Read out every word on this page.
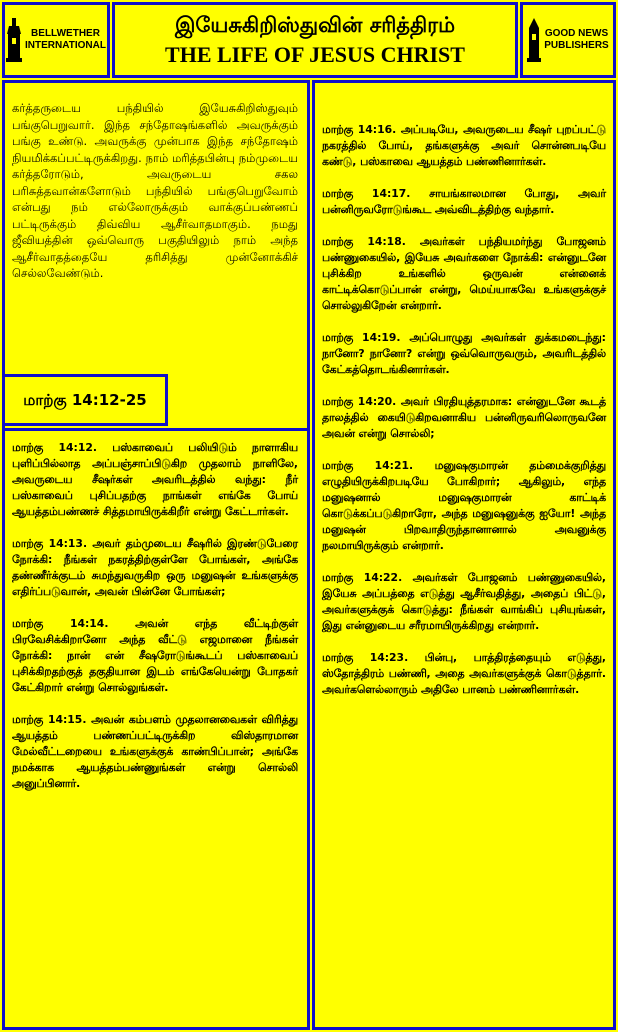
BELLWETHER
INTERNATIONAL
இயேசுகிறிஸ்துவின் சரித்திரம்
THE LIFE OF JESUS CHRIST
GOOD NEWS
PUBLISHERS
கர்த்தருடைய பந்தியில் இயேசுகிறிஸ்துவும் பங்குபெறுவார். இந்த சந்தோஷங்களில் அவருக்கும் பங்கு உண்டு. அவருக்கு முன்பாக இந்த சந்தோஷம் நியமிக்கப்பட்டிருக்கிறது. நாம் மரித்தபின்பு நம்முடைய கர்த்தரோடும், அவருடைய சகல பரிசுத்தவான்களோடும் பந்தியில் பங்குபெறுவோம் என்பது நம் எல்லோருக்கும் வாக்குப்பண்ணப் பட்டிருக்கும் திவ்விய ஆசீர்வாதமாகும். நமது ஜீவியத்தின் ஒவ்வொரு பகுதியிலும் நாம் அந்த ஆசீர்வாதத்தையே தரிசித்து முன்னோக்கிச் செல்லவேண்டும்.
மாற்கு 14:12-25

மாற்கு 14:12. பஸ்காவைப் பலியிடும் நாளாகிய புளிப்பில்லாத அப்பஞ்சாப்பிடுகிற முதலாம் நாளிலே, அவருடைய சீஷர்கள் அவரிடத்தில் வந்து: நீர் பஸ்காவைப் புசிப்பதற்கு நாங்கள் எங்கே போய் ஆயத்தம்பண்ணச் சித்தமாயிருக்கிறீர் என்று கேட்டார்கள்.

மாற்கு 14:13. அவர் தம்முடைய சீஷரில் இரண்டுபேரை நோக்கி: நீங்கள் நகரத்திற்குள்ளே போங்கள், அங்கே தண்ணீர்க்குடம் சுமந்துவருகிற ஒரு மனுஷன் உங்களுக்கு எதிர்ப்படுவான், அவன் பின்னே போங்கள்;

மாற்கு 14:14. அவன் எந்த வீட்டிற்குள் பிரவேசிக்கிறானோ அந்த வீட்டு எஜமானை நீங்கள் நோக்கி: நான் என் சீஷரோடுங்கூடப் பஸ்காவைப் புசிக்கிறதற்குத் தகுதியான இடம் எங்கேயென்று போதகர் கேட்கிறார் என்று சொல்லுங்கள்.

மாற்கு 14:15. அவன் கம்பளம் முதலானவைகள் விரித்து ஆயத்தம் பண்ணப்பட்டிருக்கிற விஸ்தாரமான மேல்வீட்டறையை உங்களுக்குக் காண்பிப்பான்; அங்கே நமக்காக ஆயத்தம்பண்ணுங்கள் என்று சொல்லி அனுப்பினார்.

மாற்கு 14:16. அப்படியே, அவருடைய சீஷர் புறப்பட்டு நகரத்தில் போய், தங்களுக்கு அவர் சொன்னபடியே கண்டு, பஸ்காவை ஆயத்தம் பண்ணினார்கள்.

மாற்கு 14:17. சாயங்காலமான போது, அவர் பன்னிருவரோடுங்கூட அவ்விடத்திற்கு வந்தார்.

மாற்கு 14:18. அவர்கள் பந்தியமர்ந்து போஜனம் பண்ணுகையில், இயேசு அவர்களை நோக்கி: என்னுடனே புசிக்கிற உங்களில் ஒருவன் என்னைக் காட்டிக்கொடுப்பான் என்று, மெய்யாகவே உங்களுக்குச் சொல்லுகிறேன் என்றார்.

மாற்கு 14:19. அப்பொழுது அவர்கள் துக்கமடைந்து: நானோ? நானோ? என்று ஒவ்வொருவரும், அவரிடத்தில் கேட்கத்தொடங்கினார்கள்.

மாற்கு 14:20. அவர் பிரதியுத்தரமாக: என்னுடனே கூடத் தாலத்தில் கையிடுகிறவனாகிய பன்னிருவரிலொருவனே அவன் என்று சொல்லி;

மாற்கு 14:21. மனுஷகுமாரன் தம்மைக்குறித்து எழுதியிருக்கிறபடியே போகிறார்; ஆகிலும், எந்த மனுஷனால் மனுஷகுமாரன் காட்டிக் கொடுக்கப்படுகிறாரோ, அந்த மனுஷனுக்கு ஐயோ! அந்த மனுஷன் பிறவாதிருந்தானானால் அவனுக்கு நலமாயிருக்கும் என்றார்.

மாற்கு 14:22. அவர்கள் போஜனம் பண்ணுகையில், இயேசு அப்பத்தை எடுத்து ஆசீர்வதித்து, அதைப் பிட்டு, அவர்களுக்குக் கொடுத்து: நீங்கள் வாங்கிப் புசியுங்கள், இது என்னுடைய சரீரமாயிருக்கிறது என்றார்.

மாற்கு 14:23. பின்பு, பாத்திரத்தையும் எடுத்து, ஸ்தோத்திரம் பண்ணி, அதை அவர்களுக்குக் கொடுத்தார். அவர்களெல்லாரும் அதிலே பானம் பண்ணினார்கள்.
